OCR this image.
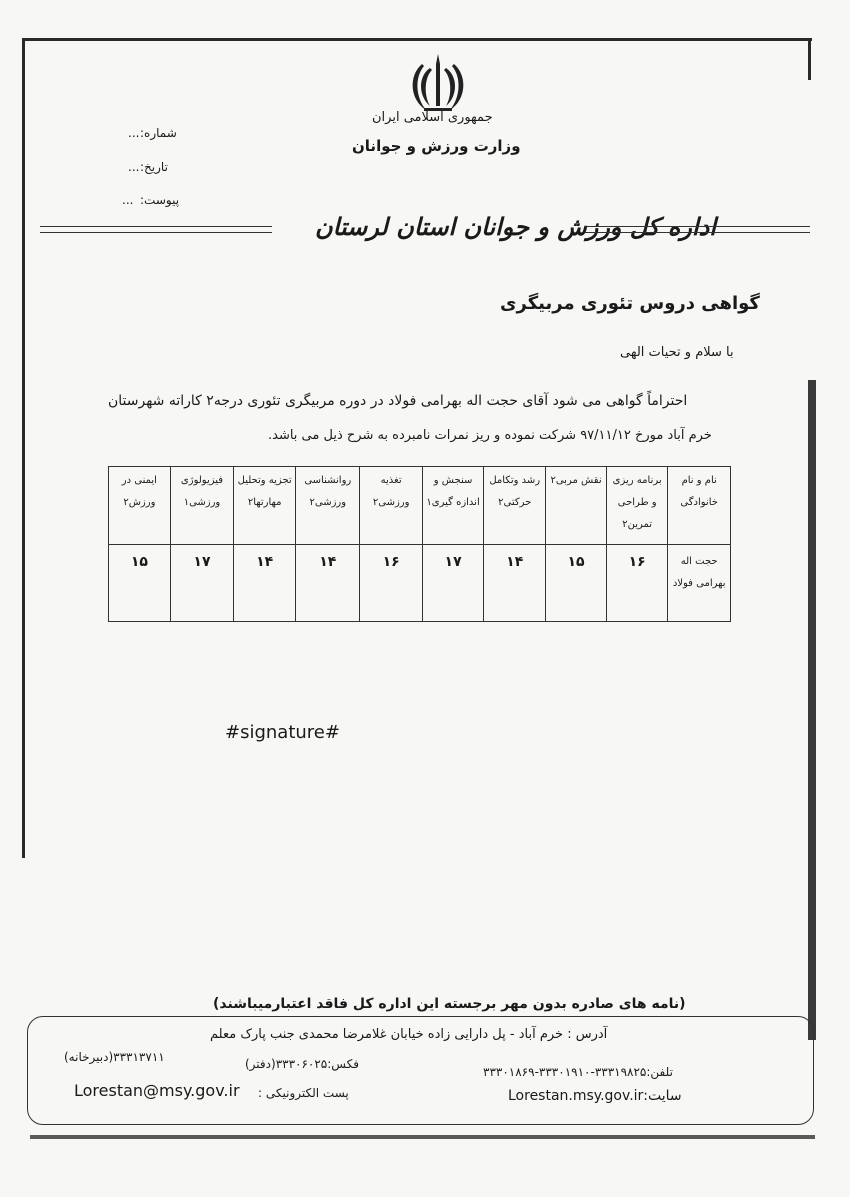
جمهوری اسلامی ایران
وزارت ورزش و جوانان
شماره:
...
تاریخ:
...
پیوست:
...
اداره کل ورزش و جوانان استان لرستان
گواهی دروس تئوری مربیگری
با سلام و تحیات الهی
احتراماً گواهی می شود آقای حجت اله بهرامی فولاد در دوره مربیگری تئوری درجه۲ کاراته شهرستان
خرم آباد مورخ ۹۷/۱۱/۱۲ شرکت نموده و ریز نمرات نامبرده به شرح ذیل می باشد.
نام و نام خانوادگی	برنامه ریزی و طراحی تمرین۲	نقش مربی۲	رشد وتکامل حرکتی۲	سنجش و اندازه گیری۱	تغذیه ورزشی۲	روانشناسی ورزشی۲	تجزیه وتحلیل مهارتها۲	فیزیولوژی ورزشی۱	ایمنی در ورزش۲
حجت اله بهرامی فولاد	۱۶	۱۵	۱۴	۱۷	۱۶	۱۴	۱۴	۱۷	۱۵
#signature#
(نامه های صادره بدون مهر برجسته این اداره کل فاقد اعتبارمیباشند)
آدرس : خرم آباد - پل دارایی زاده خیابان غلامرضا محمدی جنب پارک معلم
تلفن:۳۳۳۱۹۸۲۵-۳۳۳۰۱۹۱۰-۳۳۳۰۱۸۶۹
فکس:۳۳۳۰۶۰۲۵(دفتر)
۳۳۳۱۳۷۱۱(دبیرخانه)
سایت:Lorestan.msy.gov.ir
پست الکترونیکی :
Lorestan@msy.gov.ir
